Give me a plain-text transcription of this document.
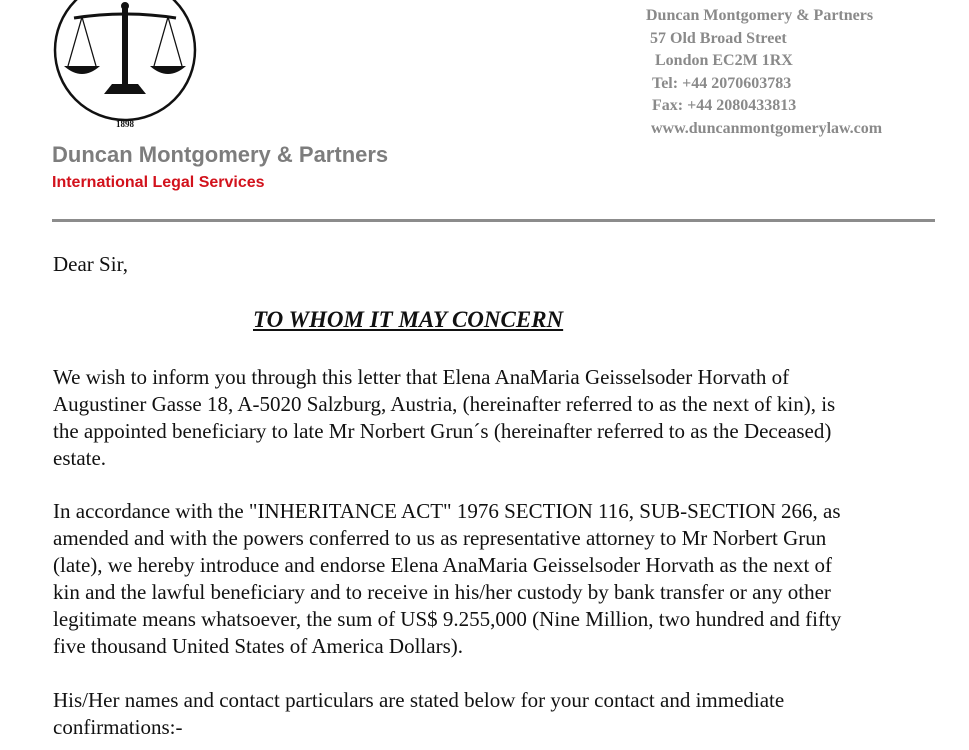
1898
Duncan Montgomery & Partners
57 Old Broad Street
London EC2M 1RX
Tel: +44 2070603783
Fax: +44 2080433813
www.duncanmontgomerylaw.com
Duncan Montgomery & Partners
International Legal Services
Dear Sir,
TO WHOM IT MAY CONCERN

We wish to inform you through this letter that Elena AnaMaria Geisselsoder Horvath of
Augustiner Gasse 18, A-5020 Salzburg, Austria, (hereinafter referred to as the next of kin), is
the appointed beneficiary to late Mr Norbert Grun´s (hereinafter referred to as the Deceased)
estate.

In accordance with the "INHERITANCE ACT" 1976 SECTION 116, SUB-SECTION 266, as
amended and with the powers conferred to us as representative attorney to Mr Norbert Grun
(late), we hereby introduce and endorse Elena AnaMaria Geisselsoder Horvath as the next of
kin and the lawful beneficiary and to receive in his/her custody by bank transfer or any other
legitimate means whatsoever, the sum of US$ 9.255,000 (Nine Million, two hundred and fifty
five thousand United States of America Dollars).

His/Her names and contact particulars are stated below for your contact and immediate
confirmations:-
